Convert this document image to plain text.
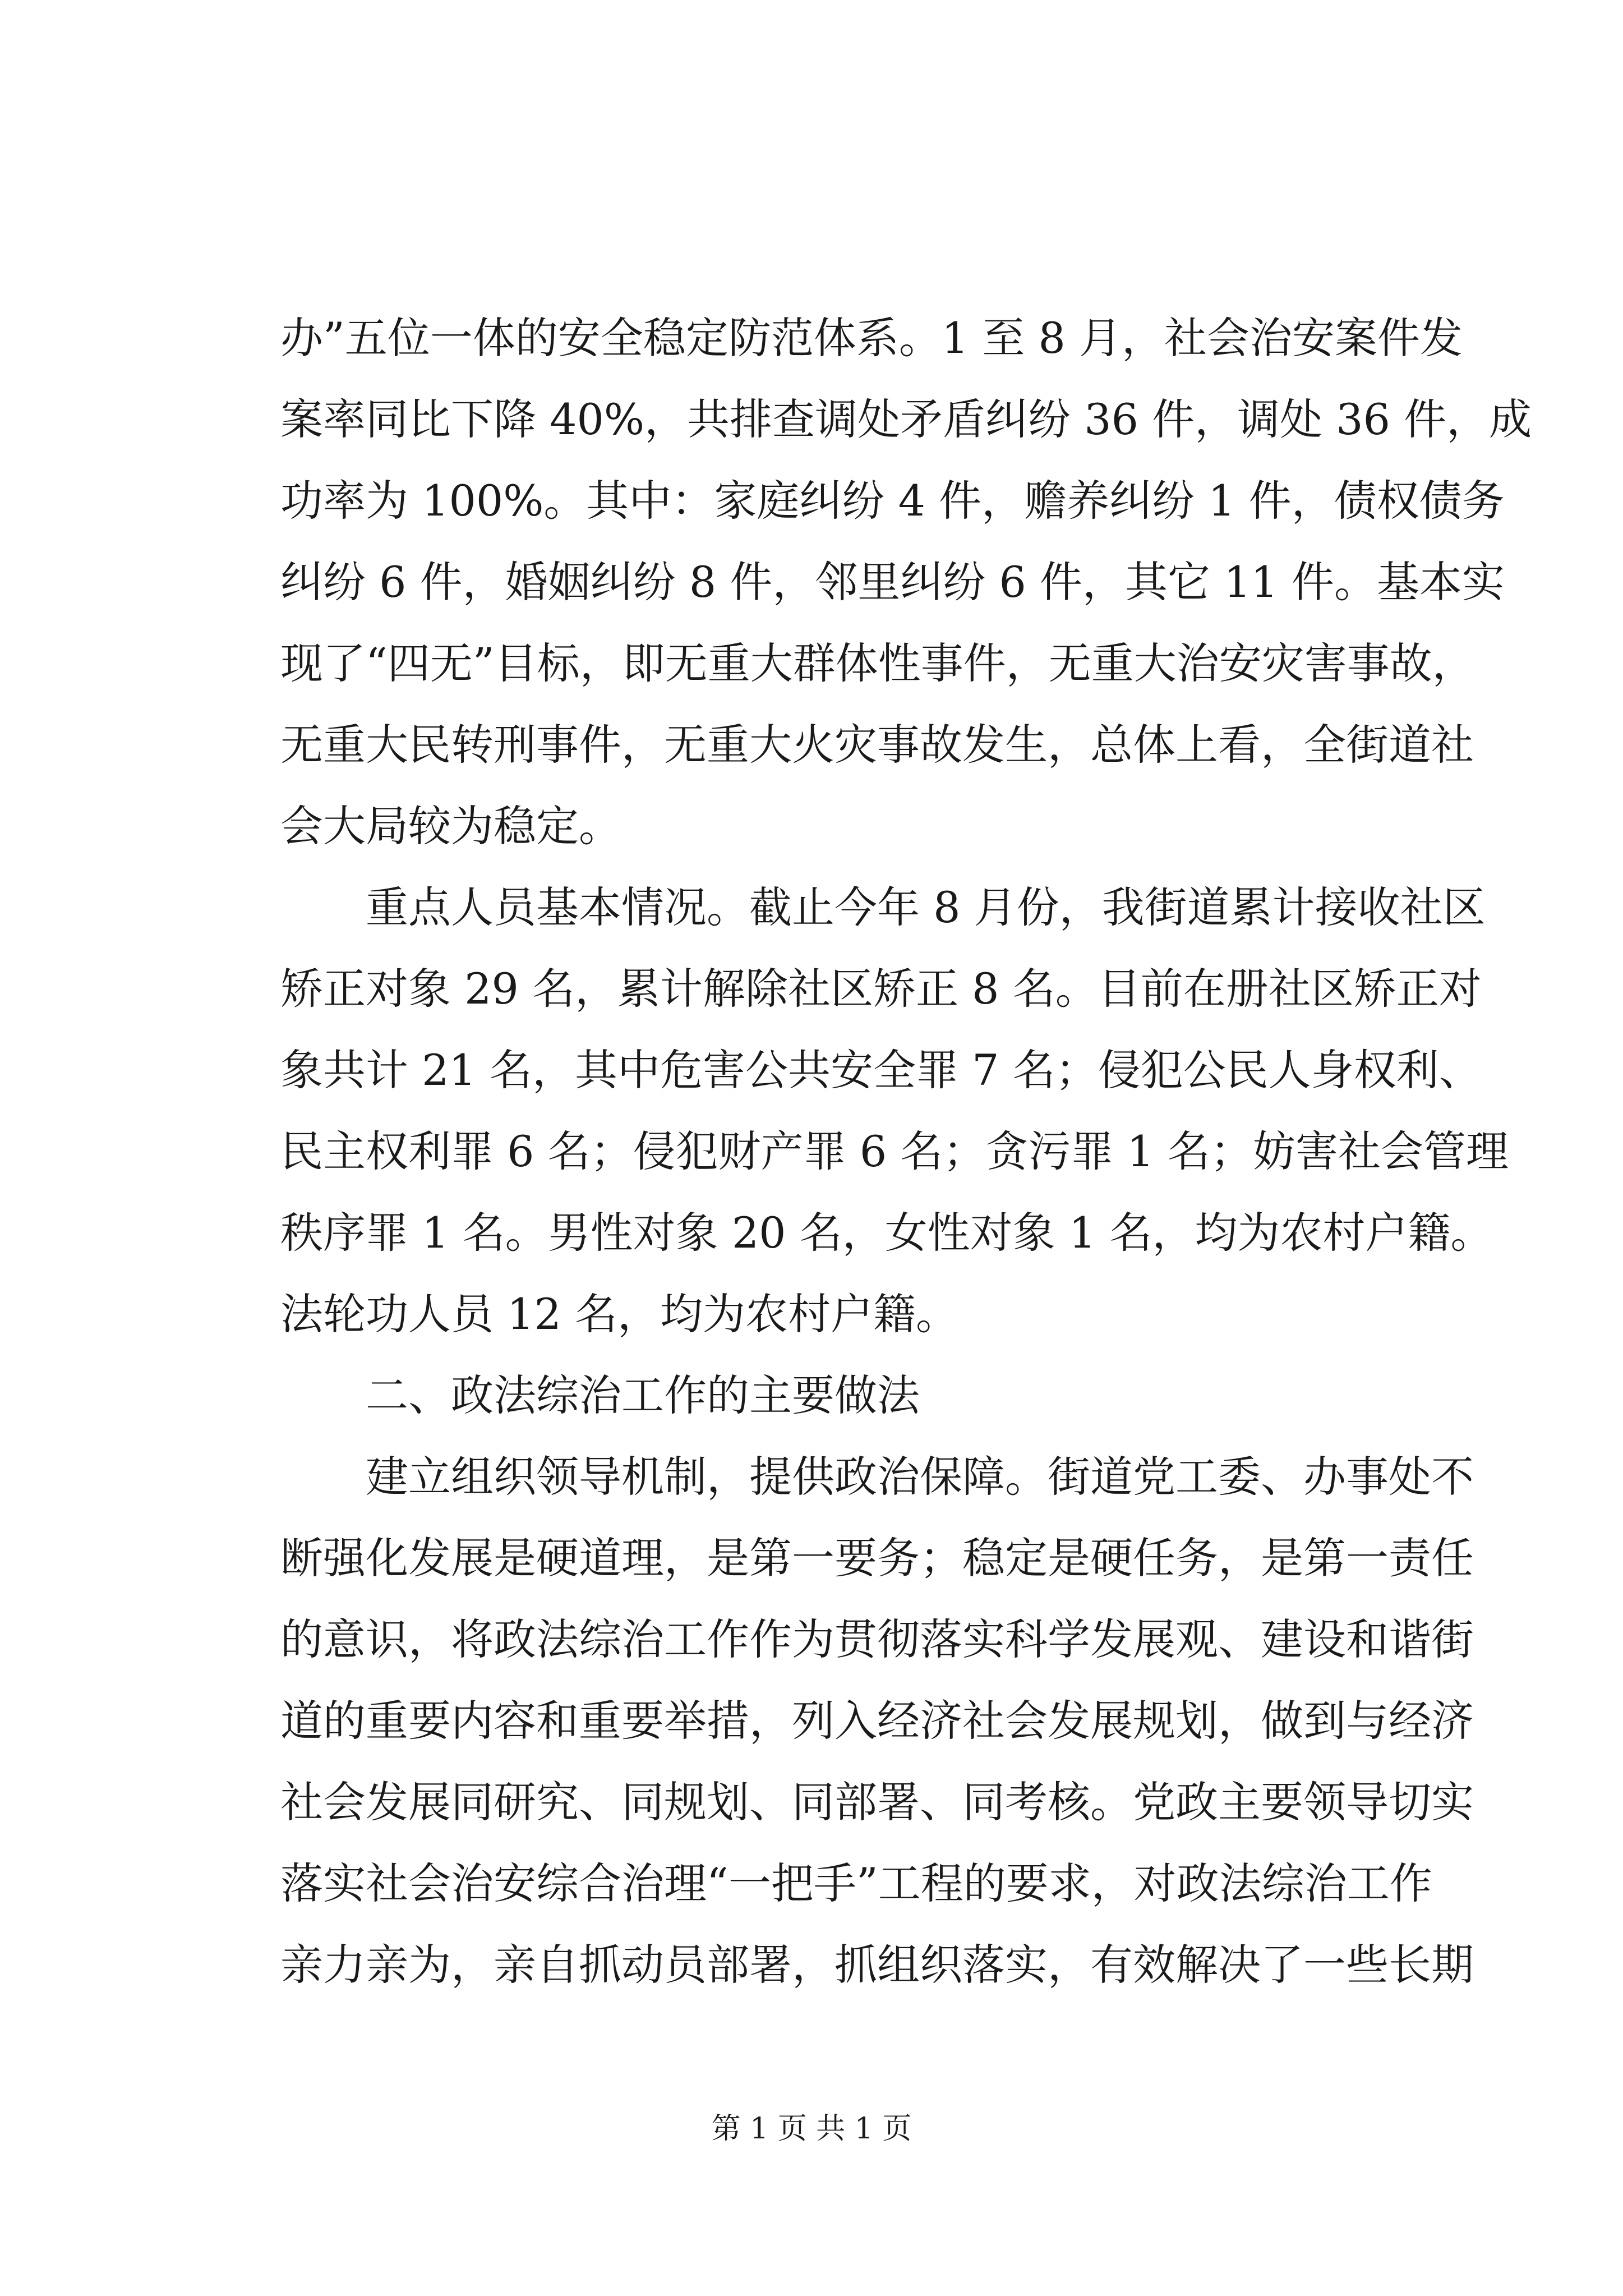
办”五位一体的安全稳定防范体系。1 至 8 月，社会治安案件发
案率同比下降 40%，共排查调处矛盾纠纷 36 件，调处 36 件，成
功率为 100%。其中：家庭纠纷 4 件，赡养纠纷 1 件，债权债务
纠纷 6 件，婚姻纠纷 8 件，邻里纠纷 6 件，其它 11 件。基本实
现了“四无”目标，即无重大群体性事件，无重大治安灾害事故，
无重大民转刑事件，无重大火灾事故发生，总体上看，全街道社
会大局较为稳定。
重点人员基本情况。截止今年 8 月份，我街道累计接收社区
矫正对象 29 名，累计解除社区矫正 8 名。目前在册社区矫正对
象共计 21 名，其中危害公共安全罪 7 名；侵犯公民人身权利、
民主权利罪 6 名；侵犯财产罪 6 名；贪污罪 1 名；妨害社会管理
秩序罪 1 名。男性对象 20 名，女性对象 1 名，均为农村户籍。
法轮功人员 12 名，均为农村户籍。
二、政法综治工作的主要做法
建立组织领导机制，提供政治保障。街道党工委、办事处不
断强化发展是硬道理，是第一要务；稳定是硬任务，是第一责任
的意识，将政法综治工作作为贯彻落实科学发展观、建设和谐街
道的重要内容和重要举措，列入经济社会发展规划，做到与经济
社会发展同研究、同规划、同部署、同考核。党政主要领导切实
落实社会治安综合治理“一把手”工程的要求，对政法综治工作
亲力亲为，亲自抓动员部署，抓组织落实，有效解决了一些长期
第 1 页 共 1 页
